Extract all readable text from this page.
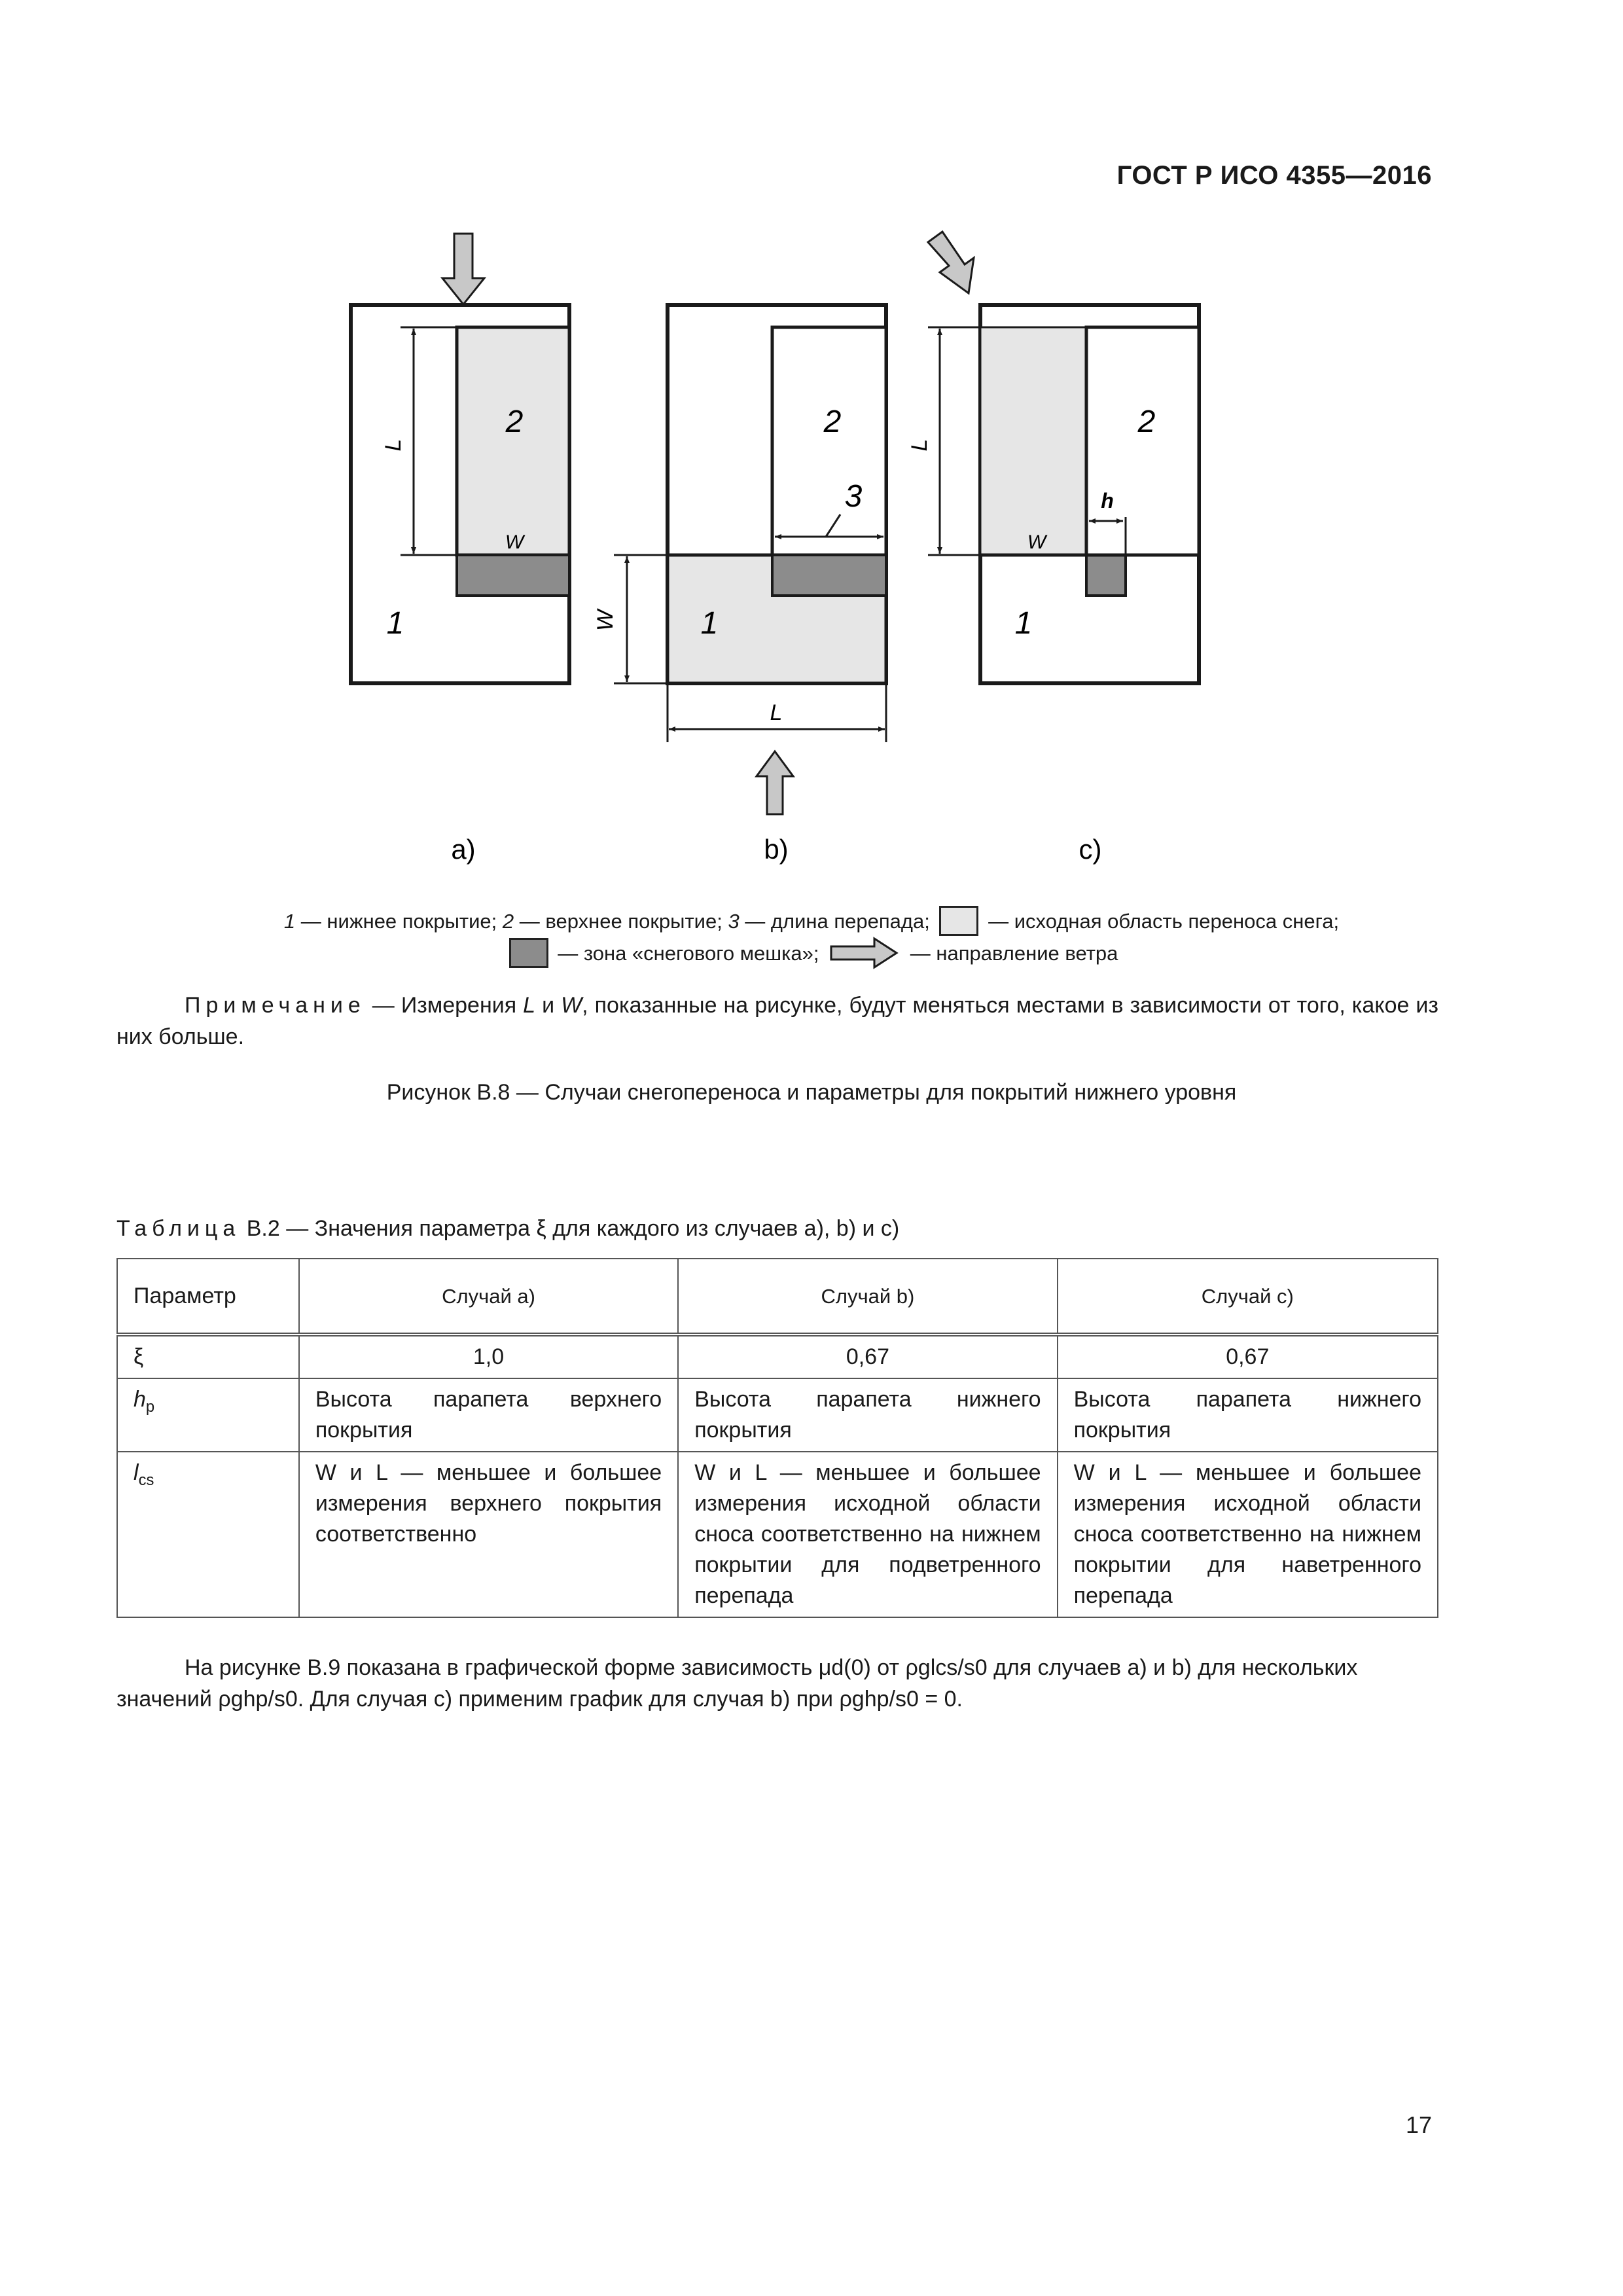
ГОСТ Р ИСО 4355—2016
L
W
2
1
3
2
1
W
L
L
W
h
2
1
a)	b)	c)
1 — нижнее покрытие; 2 — верхнее покрытие; 3 — длина перепада;	— исходная область переноса снега;
— зона «снегового мешка»;	— направление ветра
Примечание — Измерения L и W, показанные на рисунке, будут меняться местами в зависимости от того, какое из них больше.
Рисунок В.8 — Случаи снегопереноса и параметры для покрытий нижнего уровня
Таблица В.2 — Значения параметра ξ для каждого из случаев а), b) и с)
Параметр	Случай а)	Случай b)	Случай с)
ξ	1,0	0,67	0,67
$h_p$	Высота парапета верхнего покрытия	Высота парапета нижнего покрытия	Высота парапета нижнего покрытия
$l_{cs}$	W и L — меньшее и большее измерения верхнего покрытия соответственно	W и L — меньшее и большее измерения исходной области сноса соответственно на нижнем покрытии для подветренного перепада	W и L — меньшее и большее измерения исходной области сноса соответственно на нижнем покрытии для наветренного перепада
На рисунке В.9 показана в графической форме зависимость μd(0) от ρglcs/s0 для случаев а) и b) для нескольких
значений ρghp/s0. Для случая с) применим график для случая b) при ρghp/s0 = 0.
17
